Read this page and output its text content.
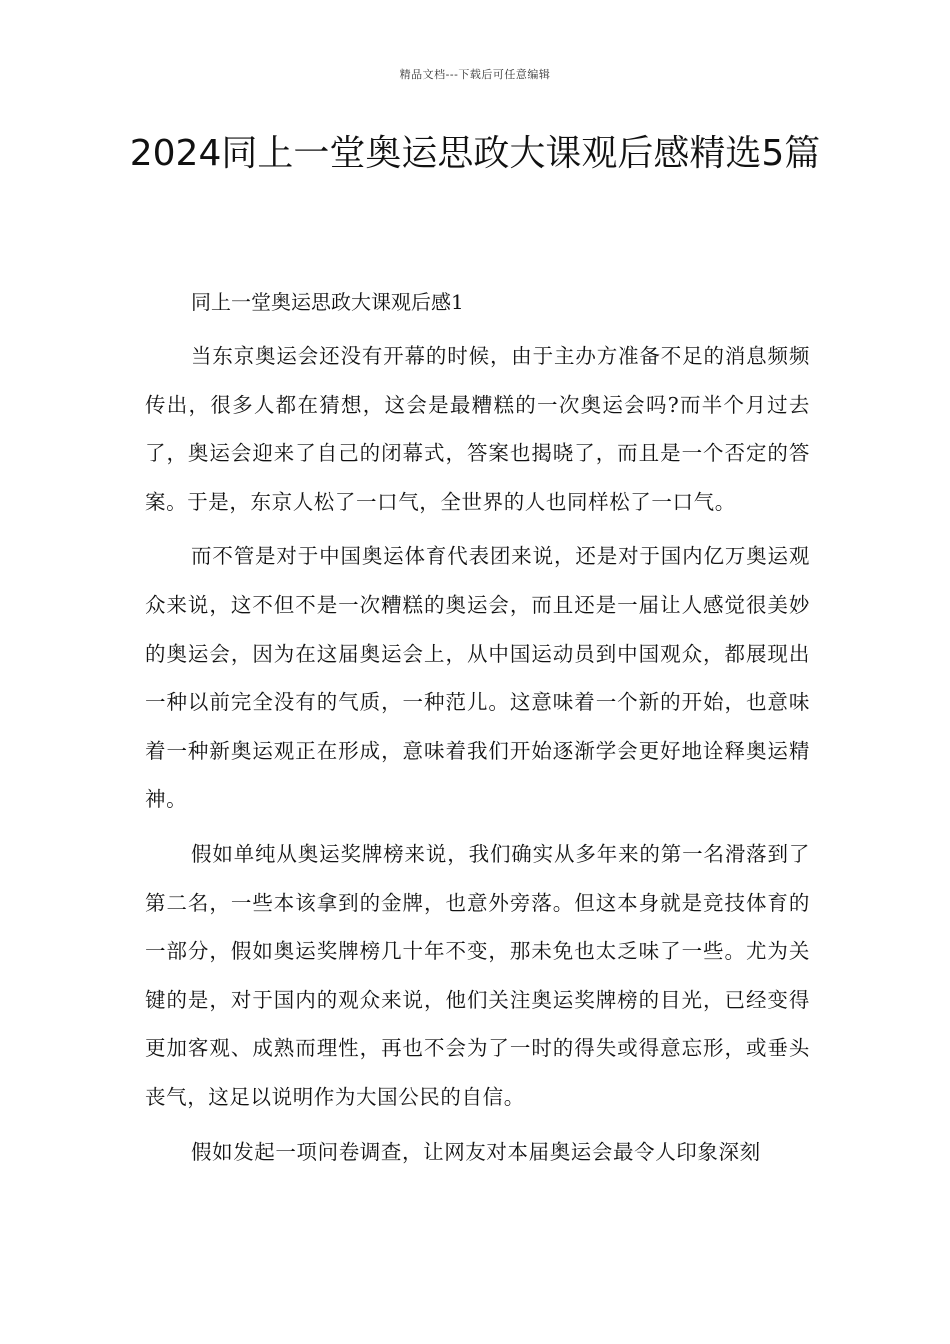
精品文档---下载后可任意编辑
2024同上一堂奥运思政大课观后感精选5篇

同上一堂奥运思政大课观后感1

当东京奥运会还没有开幕的时候，由于主办方准备不足的消息频频传出，很多人都在猜想，这会是最糟糕的一次奥运会吗?而半个月过去了，奥运会迎来了自己的闭幕式，答案也揭晓了，而且是一个否定的答案。于是，东京人松了一口气，全世界的人也同样松了一口气。

而不管是对于中国奥运体育代表团来说，还是对于国内亿万奥运观众来说，这不但不是一次糟糕的奥运会，而且还是一届让人感觉很美妙的奥运会，因为在这届奥运会上，从中国运动员到中国观众，都展现出一种以前完全没有的气质，一种范儿。这意味着一个新的开始，也意味着一种新奥运观正在形成，意味着我们开始逐渐学会更好地诠释奥运精神。

假如单纯从奥运奖牌榜来说，我们确实从多年来的第一名滑落到了第二名，一些本该拿到的金牌，也意外旁落。但这本身就是竞技体育的一部分，假如奥运奖牌榜几十年不变，那未免也太乏味了一些。尤为关键的是，对于国内的观众来说，他们关注奥运奖牌榜的目光，已经变得更加客观、成熟而理性，再也不会为了一时的得失或得意忘形，或垂头丧气，这足以说明作为大国公民的自信。

假如发起一项问卷调查，让网友对本届奥运会最令人印象深刻
